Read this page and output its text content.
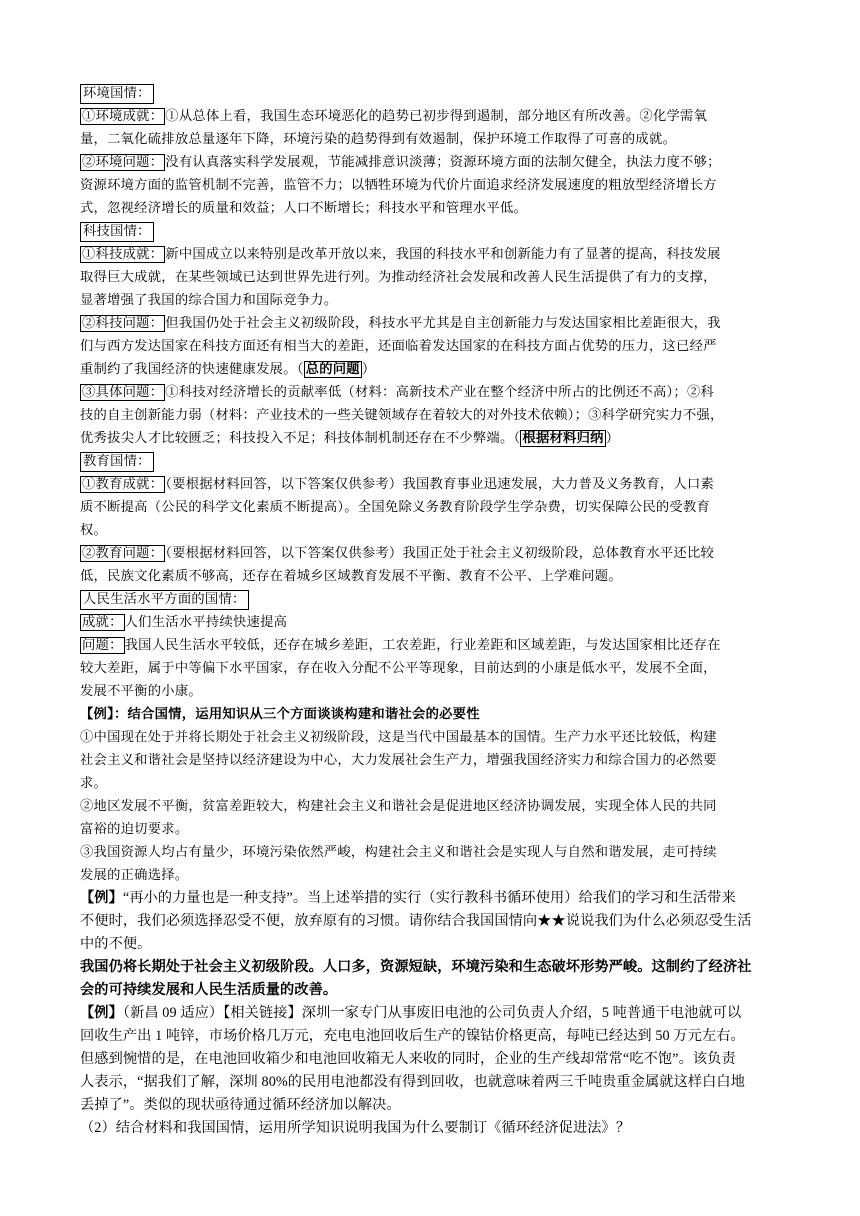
环境国情：
①环境成就： ①从总体上看，我国生态环境恶化的趋势已初步得到遏制，部分地区有所改善。②化学需氧
量，二氧化硫排放总量逐年下降，环境污染的趋势得到有效遏制，保护环境工作取得了可喜的成就。
②环境问题： 没有认真落实科学发展观，节能减排意识淡薄；资源环境方面的法制欠健全，执法力度不够；
资源环境方面的监管机制不完善，监管不力；以牺牲环境为代价片面追求经济发展速度的粗放型经济增长方
式，忽视经济增长的质量和效益；人口不断增长；科技水平和管理水平低。
科技国情：
①科技成就： 新中国成立以来特别是改革开放以来，我国的科技水平和创新能力有了显著的提高，科技发展
取得巨大成就，在某些领域已达到世界先进行列。为推动经济社会发展和改善人民生活提供了有力的支撑，
显著增强了我国的综合国力和国际竞争力。
②科技问题： 但我国仍处于社会主义初级阶段，科技水平尤其是自主创新能力与发达国家相比差距很大，我
们与西方发达国家在科技方面还有相当大的差距，还面临着发达国家的在科技方面占优势的压力，这已经严
重制约了我国经济的快速健康发展。（ 总的问题 ）
③具体问题： ①科技对经济增长的贡献率低（材料：高新技术产业在整个经济中所占的比例还不高）；②科
技的自主创新能力弱（材料：产业技术的一些关键领域存在着较大的对外技术依赖）；③科学研究实力不强，
优秀拔尖人才比较匮乏；科技投入不足；科技体制机制还存在不少弊端。（ 根据材料归纳 ）
教育国情：
①教育成就： （要根据材料回答，以下答案仅供参考）我国教育事业迅速发展，大力普及义务教育，人口素
质不断提高（公民的科学文化素质不断提高）。全国免除义务教育阶段学生学杂费，切实保障公民的受教育
权。
②教育问题： （要根据材料回答，以下答案仅供参考）我国正处于社会主义初级阶段，总体教育水平还比较
低，民族文化素质不够高，还存在着城乡区域教育发展不平衡、教育不公平、上学难问题。
人民生活水平方面的国情：
成就： 人们生活水平持续快速提高
问题： 我国人民生活水平较低，还存在城乡差距，工农差距，行业差距和区域差距，与发达国家相比还存在
较大差距，属于中等偏下水平国家，存在收入分配不公平等现象，目前达到的小康是低水平，发展不全面，
发展不平衡的小康。
【例】：结合国情，运用知识从三个方面谈谈构建和谐社会的必要性
①中国现在处于并将长期处于社会主义初级阶段，这是当代中国最基本的国情。生产力水平还比较低，构建
社会主义和谐社会是坚持以经济建设为中心，大力发展社会生产力，增强我国经济实力和综合国力的必然要
求。
②地区发展不平衡，贫富差距较大，构建社会主义和谐社会是促进地区经济协调发展，实现全体人民的共同
富裕的迫切要求。
③我国资源人均占有量少，环境污染依然严峻，构建社会主义和谐社会是实现人与自然和谐发展，走可持续
发展的正确选择。
【例】“再小的力量也是一种支持”。当上述举措的实行（实行教科书循环使用）给我们的学习和生活带来
不便时，我们必须选择忍受不便，放弃原有的习惯。请你结合我国国情向★★说说我们为什么必须忍受生活
中的不便。
我国仍将长期处于社会主义初级阶段。人口多，资源短缺，环境污染和生态破坏形势严峻。这制约了经济社
会的可持续发展和人民生活质量的改善。
【例】（新昌 09 适应）【相关链接】深圳一家专门从事废旧电池的公司负责人介绍，5 吨普通干电池就可以
回收生产出 1 吨锌，市场价格几万元，充电电池回收后生产的镍钴价格更高，每吨已经达到 50 万元左右。
但感到惋惜的是，在电池回收箱少和电池回收箱无人来收的同时，企业的生产线却常常“吃不饱”。该负责
人表示，“据我们了解，深圳 80%的民用电池都没有得到回收，也就意味着两三千吨贵重金属就这样白白地
丢掉了”。类似的现状亟待通过循环经济加以解决。
（2）结合材料和我国国情，运用所学知识说明我国为什么要制订《循环经济促进法》？
